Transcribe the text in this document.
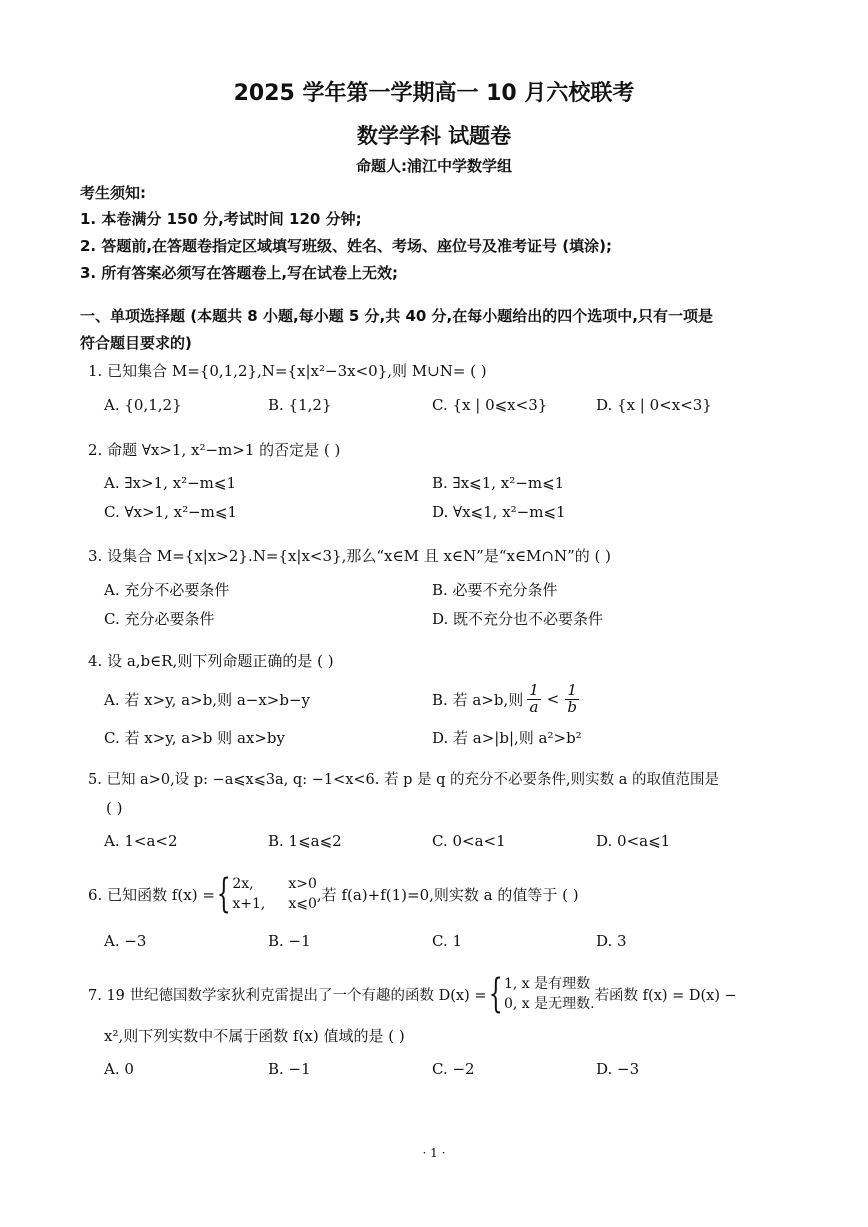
2025 学年第一学期高一 10 月六校联考
数学学科 试题卷
命题人:浦江中学数学组
考生须知:
1. 本卷满分 150 分,考试时间 120 分钟;
2. 答题前,在答题卷指定区域填写班级、姓名、考场、座位号及准考证号 (填涂);
3. 所有答案必须写在答题卷上,写在试卷上无效;
一、单项选择题 (本题共 8 小题,每小题 5 分,共 40 分,在每小题给出的四个选项中,只有一项是
符合题目要求的)
1. 已知集合 M={0,1,2},N={x|x²−3x<0},则 M∪N= ( )
A. {0,1,2}	B. {1,2}	C. {x | 0⩽x<3}	D. {x | 0<x<3}
2. 命题 ∀x>1, x²−m>1 的否定是 ( )
A. ∃x>1, x²−m⩽1	B. ∃x⩽1, x²−m⩽1
C. ∀x>1, x²−m⩽1	D. ∀x⩽1, x²−m⩽1
3. 设集合 M={x|x>2}.N={x|x<3},那么“x∈M 且 x∈N”是“x∈M∩N”的 ( )
A. 充分不必要条件	B. 必要不充分条件
C. 充分必要条件	D. 既不充分也不必要条件
4. 设 a,b∈R,则下列命题正确的是 ( )
A. 若 x>y, a>b,则 a−x>b−y	B. 若 a>b,则 $\frac{1}{a} < \frac{1}{b}$
C. 若 x>y, a>b 则 ax>by	D. 若 a>|b|,则 a²>b²
5. 已知 a>0,设 p: −a⩽x⩽3a, q: −1<x<6. 若 p 是 q 的充分不必要条件,则实数 a 的取值范围是
( )
A. 1<a<2	B. 1⩽a⩽2	C. 0<a<1	D. 0<a⩽1
6. 已知函数 f(x) = { 2x, x>0
x+1, x⩽0
,若 f(a)+f(1)=0,则实数 a 的值等于 ( )
A. −3	B. −1	C. 1	D. 3
7. 19 世纪德国数学家狄利克雷提出了一个有趣的函数 D(x) = { 1, x 是有理数
0, x 是无理数.
若函数 f(x) = D(x) −
x²,则下列实数中不属于函数 f(x) 值域的是 ( )
A. 0	B. −1	C. −2	D. −3
· 1 ·
